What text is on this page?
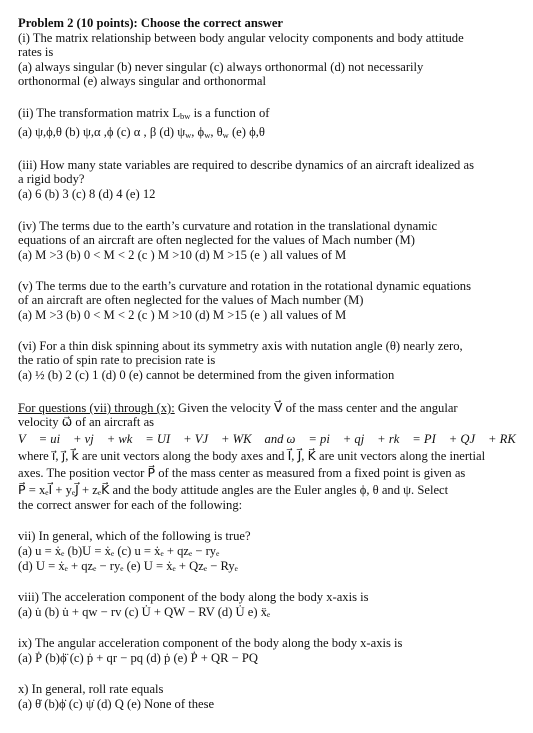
Problem 2 (10 points): Choose the correct answer
(i) The matrix relationship between body angular velocity components and body attitude
rates is
(a) always singular (b) never singular (c) always orthonormal (d) not necessarily
orthonormal (e) always singular and orthonormal
(ii) The transformation matrix $L_{bw}$ is a function of
(a) ψ,ϕ,θ (b) ψ,α ,ϕ (c) α , β (d) $\psi_w$, $\phi_w$, $\theta_w$ (e) ϕ,θ
(iii) How many state variables are required to describe dynamics of an aircraft idealized as
a rigid body?
(a) 6 (b) 3 (c) 8 (d) 4 (e) 12
(iv) The terms due to the earth’s curvature and rotation in the translational dynamic
equations of an aircraft are often neglected for the values of Mach number (M)
(a) M >3 (b) 0 < M < 2 (c ) M >10 (d) M >15 (e ) all values of M
(v) The terms due to the earth’s curvature and rotation in the rotational dynamic equations
of an aircraft are often neglected for the values of Mach number (M)
(a) M >3 (b) 0 < M < 2 (c ) M >10 (d) M >15 (e ) all values of M
(vi) For a thin disk spinning about its symmetry axis with nutation angle (θ) nearly zero,
the ratio of spin rate to precision rate is
(a) ½ (b) 2 (c) 1 (d) 0 (e) cannot be determined from the given information
For questions (vii) through (x): Given the velocity V⃗ of the mass center and the angular
velocity ω⃗ of an aircraft as
V⃗ = ui⃗ + vj⃗ + wk⃗ = UI⃗ + VJ⃗ + WK⃗ and ω⃗ = pi⃗ + qj⃗ + rk⃗ = PI⃗ + QJ⃗ + RK⃗
where i⃗, j⃗, k⃗ are unit vectors along the body axes and I⃗, J⃗, K⃗ are unit vectors along the inertial
axes. The position vector P⃗ of the mass center as measured from a fixed point is given as
P⃗ = xₑI⃗ + yₑJ⃗ + zₑK⃗ and the body attitude angles are the Euler angles ϕ, θ and ψ. Select
the correct answer for each of the following:
vii) In general, which of the following is true?
(a) u = ẋₑ (b)U = ẋₑ (c) u = ẋₑ + qzₑ − ryₑ
(d) U = ẋₑ + qzₑ − ryₑ (e) U = ẋₑ + Qzₑ − Ryₑ
viii) The acceleration component of the body along the body x-axis is
(a) u̇ (b) u̇ + qw − rv (c) U̇ + QW − RV (d) U̇ e) ẍₑ
ix) The angular acceleration component of the body along the body x-axis is
(a) Ṗ (b)ϕ̈ (c) ṗ + qr − pq (d) ṗ (e) Ṗ + QR − PQ
x) In general, roll rate equals
(a) θ̇ (b)ϕ̇ (c) ψ̇ (d) Q (e) None of these
